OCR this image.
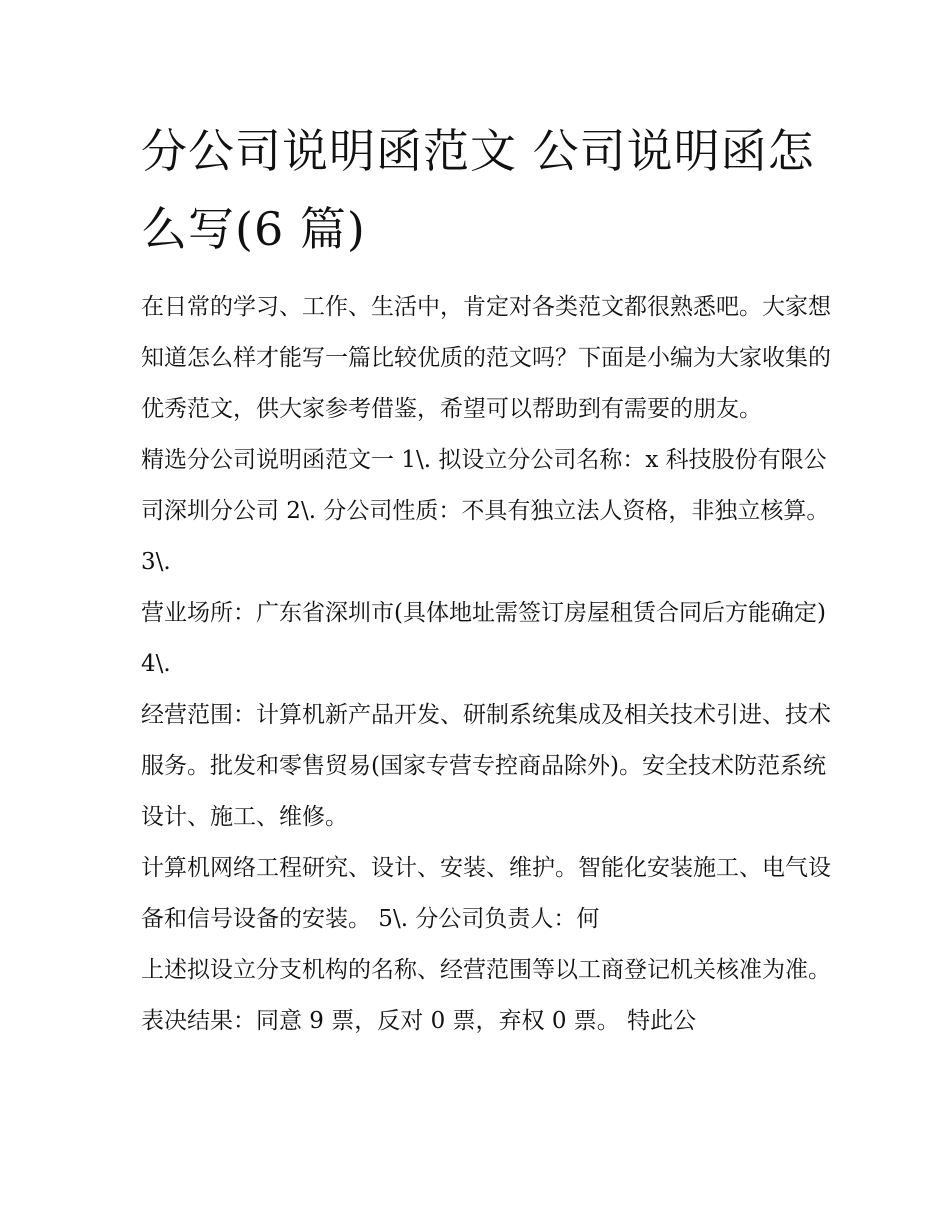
分公司说明函范文 公司说明函怎么写(6 篇)

在日常的学习、工作、生活中，肯定对各类范文都很熟悉吧。大家想知道怎么样才能写一篇比较优质的范文吗？下面是小编为大家收集的优秀范文，供大家参考借鉴，希望可以帮助到有需要的朋友。

精选分公司说明函范文一 1\. 拟设立分公司名称：x 科技股份有限公司深圳分公司 2\. 分公司性质：不具有独立法人资格，非独立核算。 3\.

营业场所：广东省深圳市(具体地址需签订房屋租赁合同后方能确定) 4\.

经营范围：计算机新产品开发、研制系统集成及相关技术引进、技术服务。批发和零售贸易(国家专营专控商品除外)。安全技术防范系统设计、施工、维修。

计算机网络工程研究、设计、安装、维护。智能化安装施工、电气设备和信号设备的安装。 5\. 分公司负责人：何

上述拟设立分支机构的名称、经营范围等以工商登记机关核准为准。 表决结果：同意 9 票，反对 0 票，弃权 0 票。 特此公
